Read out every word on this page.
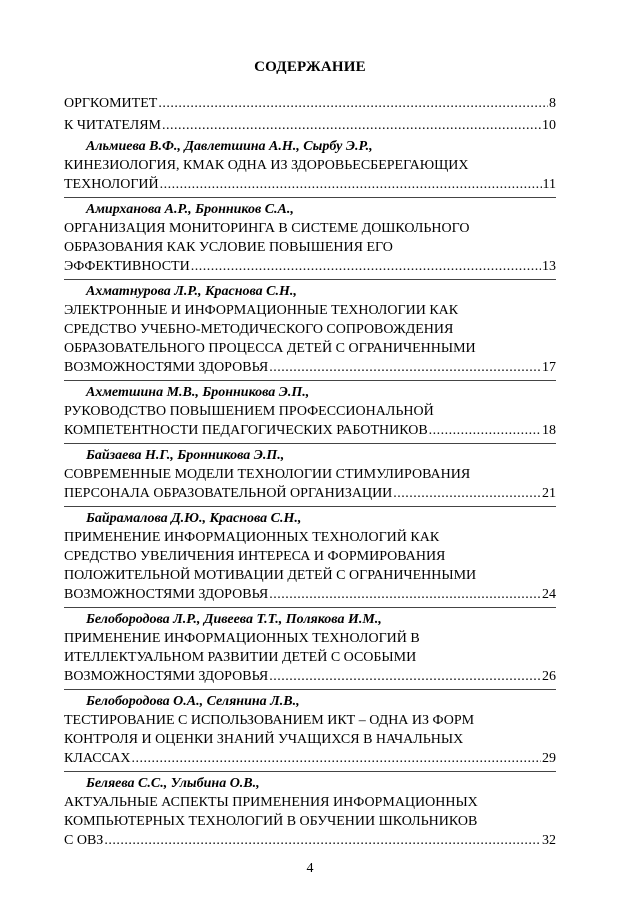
СОДЕРЖАНИЕ
ОРГКОМИТЕТ .....	8
К ЧИТАТЕЛЯМ .....	10
Альмиева В.Ф., Давлетшина А.Н., Сырбу Э.Р.,
КИНЕЗИОЛОГИЯ, КМАК ОДНА ИЗ ЗДОРОВЬЕСБЕРЕГАЮЩИХ
ТЕХНОЛОГИЙ .....	11
Амирханова А.Р., Бронников С.А.,
ОРГАНИЗАЦИЯ МОНИТОРИНГА В СИСТЕМЕ ДОШКОЛЬНОГО
ОБРАЗОВАНИЯ КАК УСЛОВИЕ ПОВЫШЕНИЯ ЕГО
ЭФФЕКТИВНОСТИ .....	13
Ахматнурова Л.Р., Краснова С.Н.,
ЭЛЕКТРОННЫЕ И ИНФОРМАЦИОННЫЕ ТЕХНОЛОГИИ КАК
СРЕДСТВО УЧЕБНО-МЕТОДИЧЕСКОГО СОПРОВОЖДЕНИЯ
ОБРАЗОВАТЕЛЬНОГО ПРОЦЕССА ДЕТЕЙ С ОГРАНИЧЕННЫМИ
ВОЗМОЖНОСТЯМИ ЗДОРОВЬЯ .....	17
Ахметшина М.В., Бронникова Э.П.,
РУКОВОДСТВО ПОВЫШЕНИЕМ ПРОФЕССИОНАЛЬНОЙ
КОМПЕТЕНТНОСТИ ПЕДАГОГИЧЕСКИХ РАБОТНИКОВ .....	18
Байзаева Н.Г., Бронникова Э.П.,
СОВРЕМЕННЫЕ МОДЕЛИ ТЕХНОЛОГИИ СТИМУЛИРОВАНИЯ
ПЕРСОНАЛА ОБРАЗОВАТЕЛЬНОЙ ОРГАНИЗАЦИИ .....	21
Байрамалова Д.Ю., Краснова С.Н.,
ПРИМЕНЕНИЕ ИНФОРМАЦИОННЫХ ТЕХНОЛОГИЙ КАК
СРЕДСТВО УВЕЛИЧЕНИЯ ИНТЕРЕСА И ФОРМИРОВАНИЯ
ПОЛОЖИТЕЛЬНОЙ МОТИВАЦИИ ДЕТЕЙ С ОГРАНИЧЕННЫМИ
ВОЗМОЖНОСТЯМИ ЗДОРОВЬЯ .....	24
Белобородова Л.Р., Дивеева Т.Т., Полякова И.М.,
ПРИМЕНЕНИЕ ИНФОРМАЦИОННЫХ ТЕХНОЛОГИЙ В
ИТЕЛЛЕКТУАЛЬНОМ РАЗВИТИИ ДЕТЕЙ С ОСОБЫМИ
ВОЗМОЖНОСТЯМИ ЗДОРОВЬЯ .....	26
Белобородова О.А., Селянина Л.В.,
ТЕСТИРОВАНИЕ С ИСПОЛЬЗОВАНИЕМ ИКТ – ОДНА ИЗ ФОРМ
КОНТРОЛЯ И ОЦЕНКИ ЗНАНИЙ УЧАЩИХСЯ В НАЧАЛЬНЫХ
КЛАССАХ .....	29
Беляева С.С., Улыбина О.В.,
АКТУАЛЬНЫЕ АСПЕКТЫ ПРИМЕНЕНИЯ ИНФОРМАЦИОННЫХ
КОМПЬЮТЕРНЫХ ТЕХНОЛОГИЙ В ОБУЧЕНИИ ШКОЛЬНИКОВ
С ОВЗ .....	32
4
